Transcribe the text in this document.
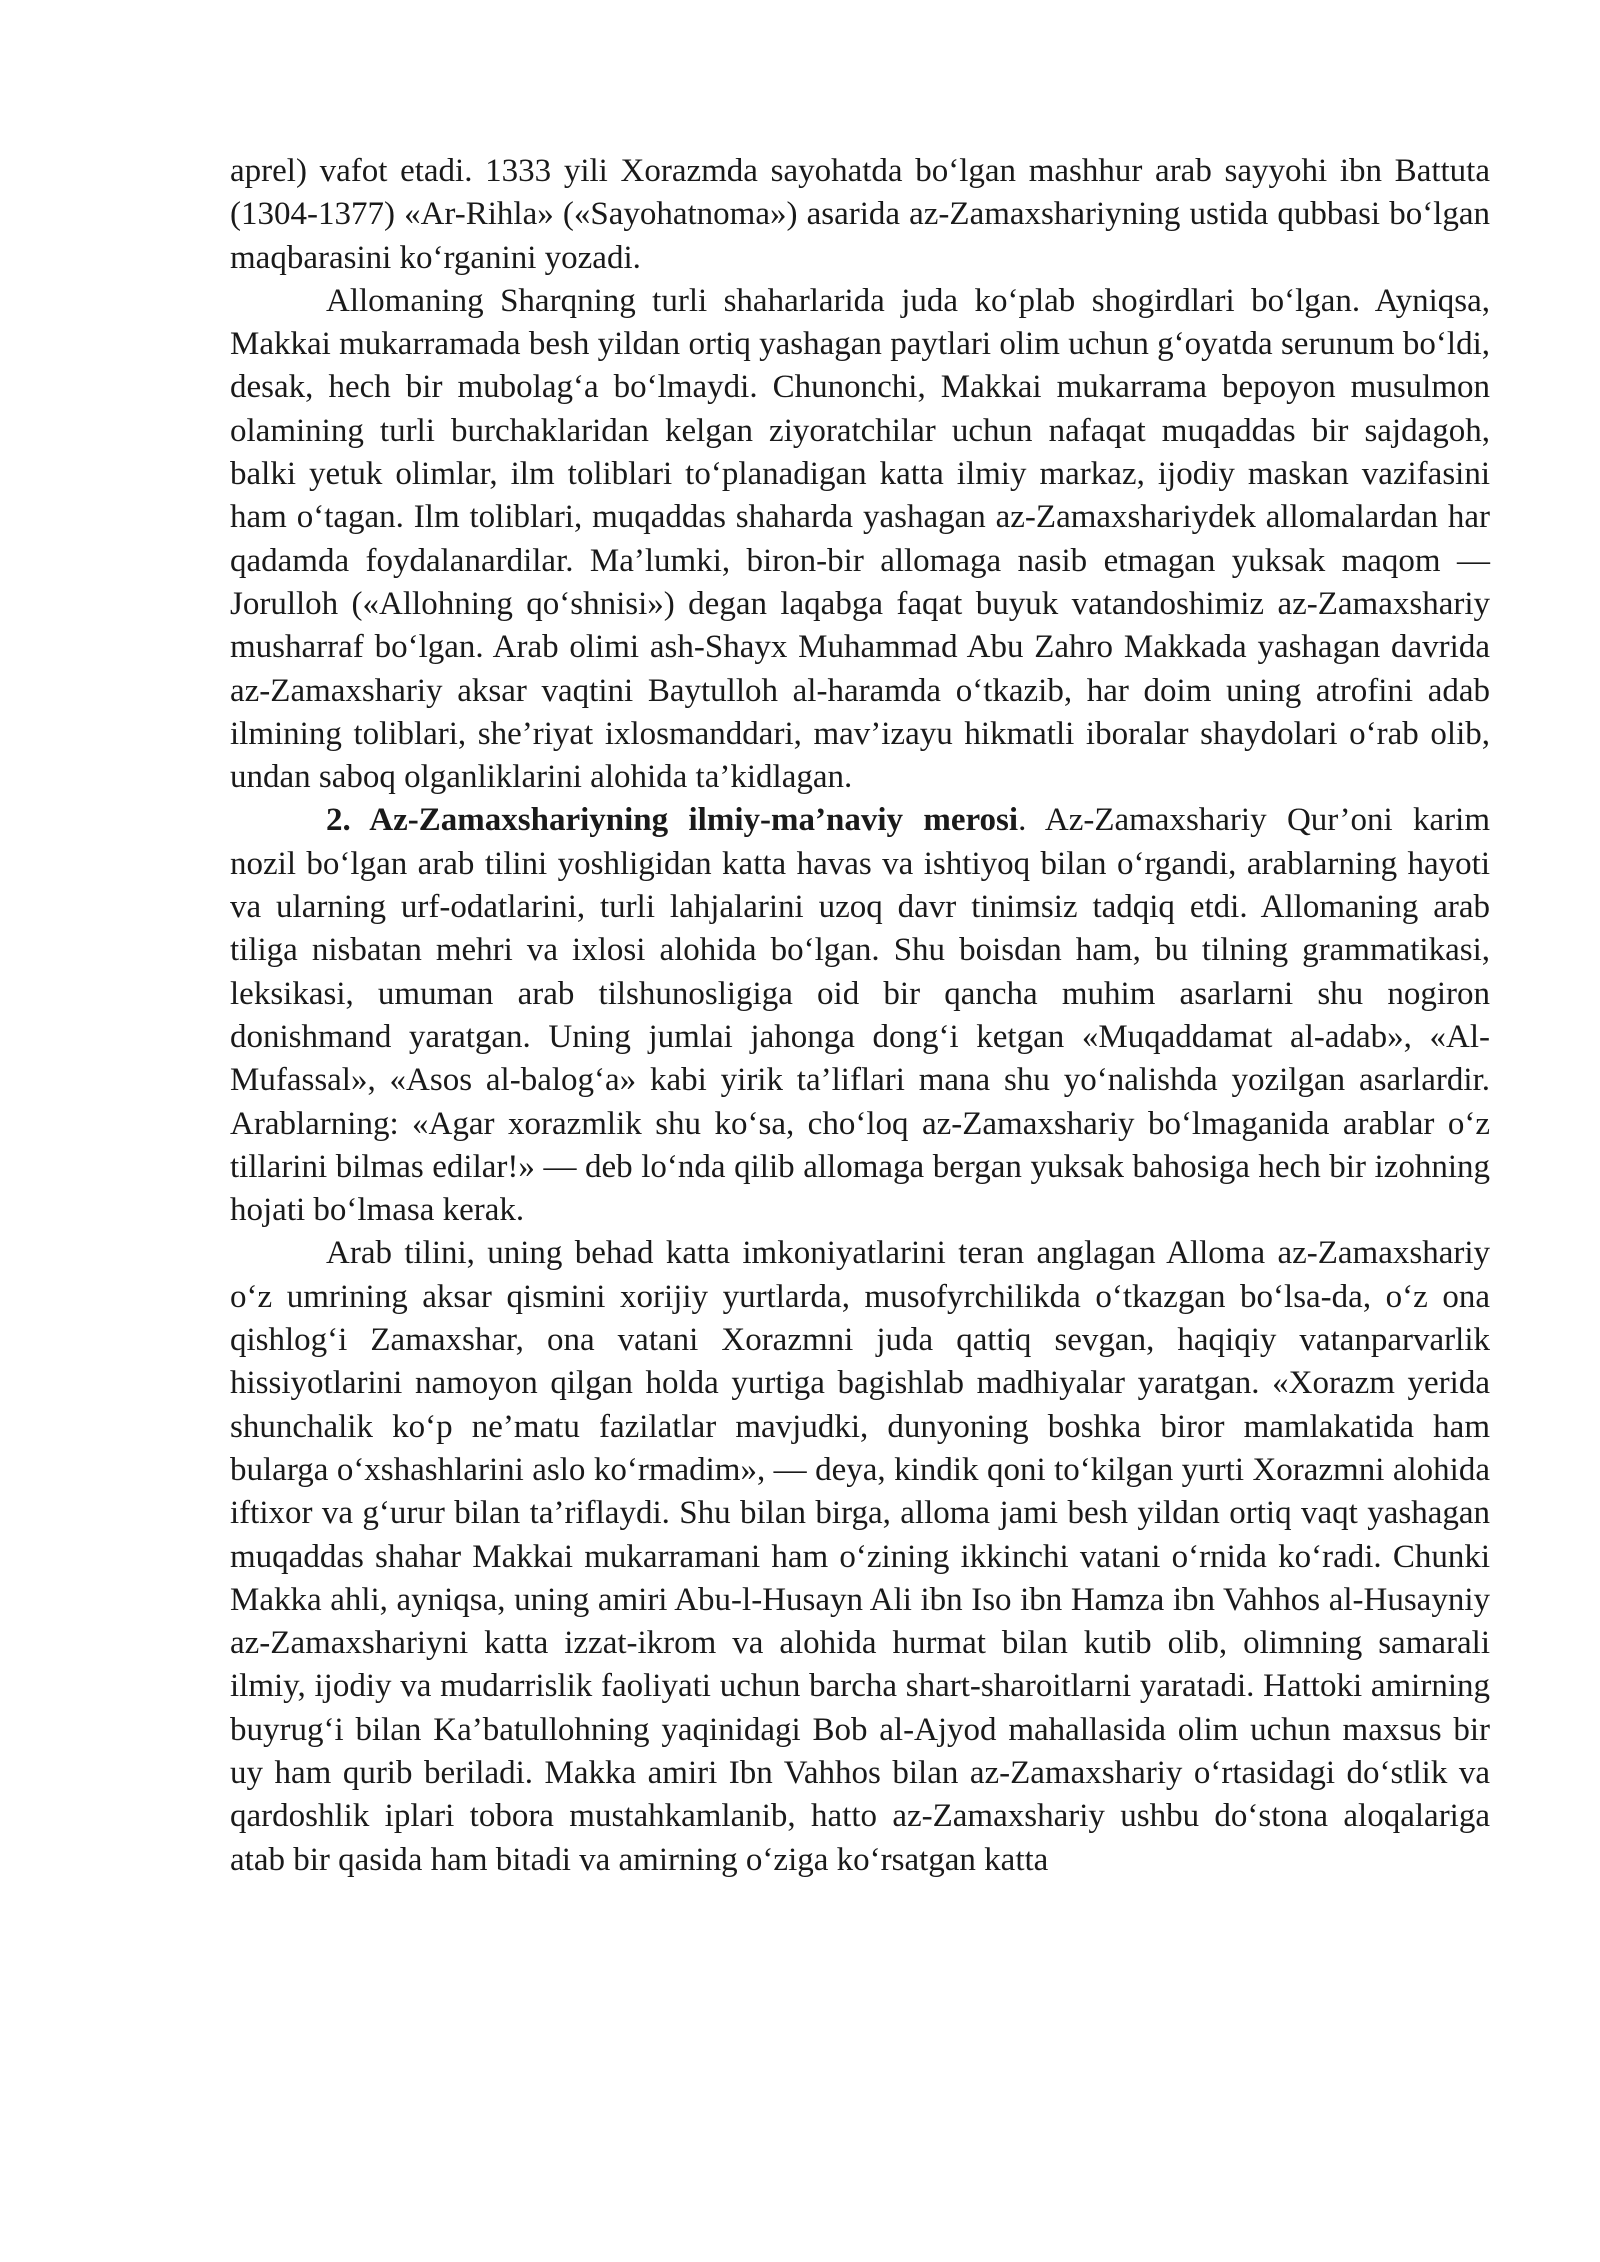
aprel) vafot etadi. 1333 yili Xorazmda sayohatda bo‘lgan mashhur arab sayyohi ibn Battuta (1304-1377) «Ar-Rihla» («Sayohatnoma») asarida az-Zamaxshariyning ustida qubbasi bo‘lgan maqbarasini ko‘rganini yozadi.

Allomaning Sharqning turli shaharlarida juda ko‘plab shogirdlari bo‘lgan. Ayniqsa, Makkai mukarramada besh yildan ortiq yashagan paytlari olim uchun g‘oyatda serunum bo‘ldi, desak, hech bir mubolag‘a bo‘lmaydi. Chunonchi, Makkai mukarrama bepoyon musulmon olamining turli burchaklaridan kelgan ziyoratchilar uchun nafaqat muqaddas bir sajdagoh, balki yetuk olimlar, ilm toliblari to‘planadigan katta ilmiy markaz, ijodiy maskan vazifasini ham o‘tagan. Ilm toliblari, muqaddas shaharda yashagan az-Zamaxshariydek allomalardan har qadamda foydalanardilar. Ma’lumki, biron-bir allomaga nasib etmagan yuksak maqom — Jorulloh («Allohning qo‘shnisi») degan laqabga faqat buyuk vatandoshimiz az-Zamaxshariy musharraf bo‘lgan. Arab olimi ash-Shayx Muhammad Abu Zahro Makkada yashagan davrida az-Zamaxshariy aksar vaqtini Baytulloh al-haramda o‘tkazib, har doim uning atrofini adab ilmining toliblari, she’riyat ixlosmanddari, mav’izayu hikmatli iboralar shaydolari o‘rab olib, undan saboq olganliklarini alohida ta’kidlagan.

2. Az-Zamaxshariyning ilmiy-ma’naviy merosi. Az-Zamaxshariy Qur’oni karim nozil bo‘lgan arab tilini yoshligidan katta havas va ishtiyoq bilan o‘rgandi, arablarning hayoti va ularning urf-odatlarini, turli lahjalarini uzoq davr tinimsiz tadqiq etdi. Allomaning arab tiliga nisbatan mehri va ixlosi alohida bo‘lgan. Shu boisdan ham, bu tilning grammatikasi, leksikasi, umuman arab tilshunosligiga oid bir qancha muhim asarlarni shu nogiron donishmand yaratgan. Uning jumlai jahonga dong‘i ketgan «Muqaddamat al-adab», «Al-Mufassal», «Asos al-balog‘a» kabi yirik ta’liflari mana shu yo‘nalishda yozilgan asarlardir. Arablarning: «Agar xorazmlik shu ko‘sa, cho‘loq az-Zamaxshariy bo‘lmaganida arablar o‘z tillarini bilmas edilar!» — deb lo‘nda qilib allomaga bergan yuksak bahosiga hech bir izohning hojati bo‘lmasa kerak.

Arab tilini, uning behad katta imkoniyatlarini teran anglagan Alloma az-Zamaxshariy o‘z umrining aksar qismini xorijiy yurtlarda, musofyrchilikda o‘tkazgan bo‘lsa-da, o‘z ona qishlog‘i Zamaxshar, ona vatani Xorazmni juda qattiq sevgan, haqiqiy vatanparvarlik hissiyotlarini namoyon qilgan holda yurtiga bagishlab madhiyalar yaratgan. «Xorazm yerida shunchalik ko‘p ne’matu fazilatlar mavjudki, dunyoning boshka biror mamlakatida ham bularga o‘xshashlarini aslo ko‘rmadim», — deya, kindik qoni to‘kilgan yurti Xorazmni alohida iftixor va g‘urur bilan ta’riflaydi. Shu bilan birga, alloma jami besh yildan ortiq vaqt yashagan muqaddas shahar Makkai mukarramani ham o‘zining ikkinchi vatani o‘rnida ko‘radi. Chunki Makka ahli, ayniqsa, uning amiri Abu-l-Husayn Ali ibn Iso ibn Hamza ibn Vahhos al-Husayniy az-Zamaxshariyni katta izzat-ikrom va alohida hurmat bilan kutib olib, olimning samarali ilmiy, ijodiy va mudarrislik faoliyati uchun barcha shart-sharoitlarni yaratadi. Hattoki amirning buyrug‘i bilan Ka’batullohning yaqinidagi Bob al-Ajyod mahallasida olim uchun maxsus bir uy ham qurib beriladi. Makka amiri Ibn Vahhos bilan az-Zamaxshariy o‘rtasidagi do‘stlik va qardoshlik iplari tobora mustahkamlanib, hatto az-Zamaxshariy ushbu do‘stona aloqalariga atab bir qasida ham bitadi va amirning o‘ziga ko‘rsatgan katta
